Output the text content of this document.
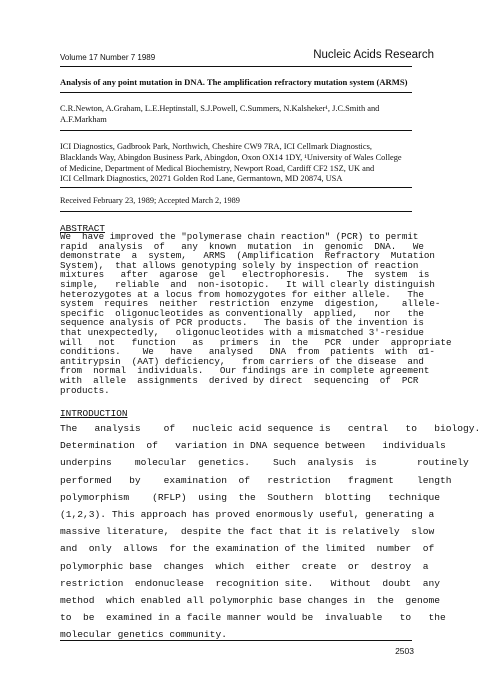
Volume 17 Number 7 1989	Nucleic Acids Research
Analysis of any point mutation in DNA. The amplification refractory mutation system (ARMS)
C.R.Newton, A.Graham, L.E.Heptinstall, S.J.Powell, C.Summers, N.Kalsheker¹, J.C.Smith and
A.F.Markham
ICI Diagnostics, Gadbrook Park, Northwich, Cheshire CW9 7RA, ICI Cellmark Diagnostics,
Blacklands Way, Abingdon Business Park, Abingdon, Oxon OX14 1DY, ¹University of Wales College
of Medicine, Department of Medical Biochemistry, Newport Road, Cardiff CF2 1SZ, UK and
ICI Cellmark Diagnostics, 20271 Golden Rod Lane, Germantown, MD 20874, USA
Received February 23, 1989; Accepted March 2, 1989
ABSTRACT
We  have improved the "polymerase chain reaction" (PCR) to permit
rapid  analysis  of   any  known  mutation  in  genomic  DNA.   We
demonstrate  a  system,   ARMS  (Amplification  Refractory  Mutation
System),  that allows genotyping solely by inspection of reaction
mixtures   after  agarose  gel   electrophoresis.   The  system  is
simple,   reliable  and  non-isotopic.   It will clearly distinguish
heterozygotes at a locus from homozygotes for either allele.   The
system  requires  neither  restriction  enzyme  digestion,    allele-
specific  oligonucleotides as conventionally  applied,   nor   the
sequence analysis of PCR products.   The basis of the invention is
that unexpectedly,   oligonucleotides with a mismatched 3'-residue
will   not   function   as   primers  in  the   PCR  under  appropriate
conditions.    We   have   analysed   DNA  from  patients  with  α1-
antitrypsin  (AAT) deficiency,   from carriers of the disease  and
from  normal  individuals.   Our findings are in complete agreement
with  allele  assignments  derived by direct  sequencing  of  PCR
products.
INTRODUCTION
The   analysis    of   nucleic acid sequence is   central   to   biology.
Determination  of   variation in DNA sequence between   individuals
underpins    molecular  genetics.    Such  analysis  is       routinely
performed   by    examination  of   restriction   fragment    length
polymorphism    (RFLP)  using  the  Southern  blotting   technique
(1,2,3). This approach has proved enormously useful, generating a
massive literature,  despite the fact that it is relatively  slow
and  only  allows  for the examination of the limited  number  of
polymorphic base  changes  which  either  create  or  destroy  a
restriction  endonuclease  recognition site.   Without  doubt  any
method  which enabled all polymorphic base changes in  the  genome
to  be  examined in a facile manner would be  invaluable   to   the
molecular genetics community.
2503
